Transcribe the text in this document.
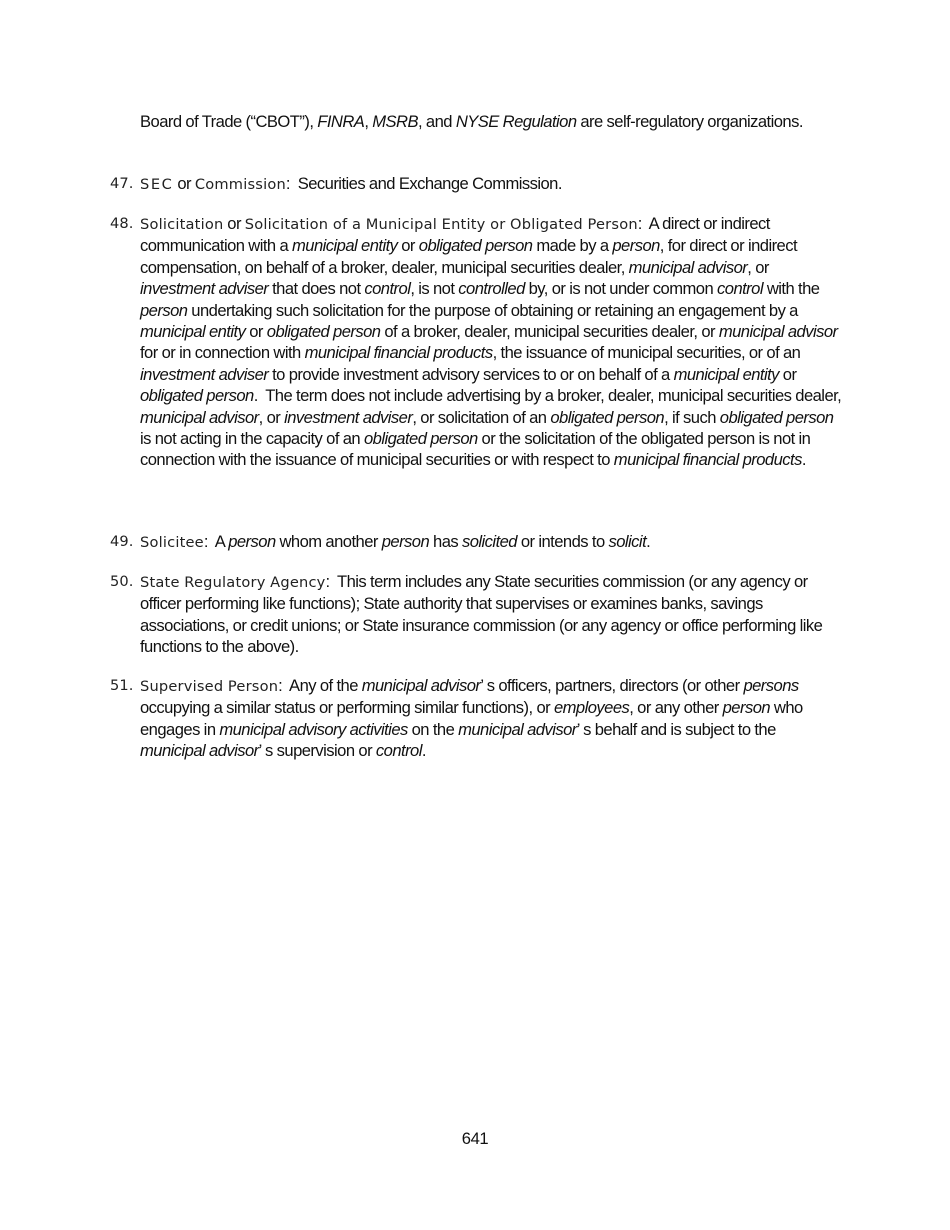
Board of Trade (“CBOT”), FINRA, MSRB, and NYSE Regulation are self-regulatory organizations.
47. SEC or Commission:  Securities and Exchange Commission.
48. Solicitation or Solicitation of a Municipal Entity or Obligated Person:  A direct or indirect communication with a municipal entity or obligated person made by a person, for direct or indirect compensation, on behalf of a broker, dealer, municipal securities dealer, municipal advisor, or investment adviser that does not control, is not controlled by, or is not under common control with the person undertaking such solicitation for the purpose of obtaining or retaining an engagement by a municipal entity or obligated person of a broker, dealer, municipal securities dealer, or municipal advisor for or in connection with municipal financial products, the issuance of municipal securities, or of an investment adviser to provide investment advisory services to or on behalf of a municipal entity or obligated person.  The term does not include advertising by a broker, dealer, municipal securities dealer, municipal advisor, or investment adviser, or solicitation of an obligated person, if such obligated person is not acting in the capacity of an obligated person or the solicitation of the obligated person is not in connection with the issuance of municipal securities or with respect to municipal financial products.
49. Solicitee:  A person whom another person has solicited or intends to solicit.
50. State Regulatory Agency:  This term includes any State securities commission (or any agency or officer performing like functions); State authority that supervises or examines banks, savings associations, or credit unions; or State insurance commission (or any agency or office performing like functions to the above).
51. Supervised Person:  Any of the municipal advisor’ s officers, partners, directors (or other persons occupying a similar status or performing similar functions), or employees, or any other person who engages in municipal advisory activities on the municipal advisor’ s behalf and is subject to the municipal advisor’ s supervision or control.
641
